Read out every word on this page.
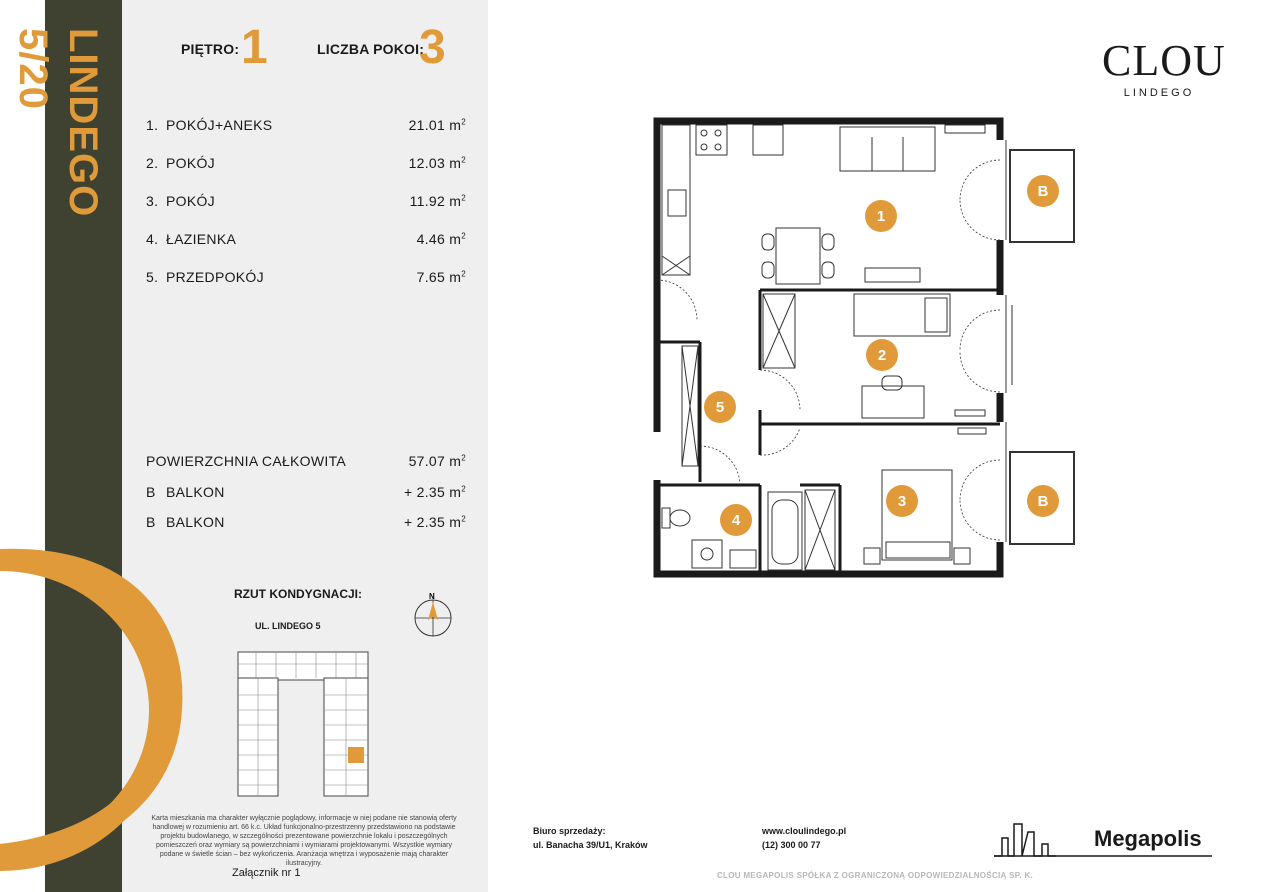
LINDEGO 5/20	PIĘTRO: 1	LICZBA POKOI:
3
1. POKÓJ+ANEKS	21.01 $m^2$
2. POKÓJ	12.03 $m^2$
3. POKÓJ	11.92 $m^2$
4. ŁAZIENKA	4.46 $m^2$
5. PRZEDPOKÓJ	7.65 $m^2$
POWIERZCHNIA CAŁKOWITA	57.07 $m^2$
B BALKON	+ 2.35 $m^2$
B BALKON	+ 2.35 $m^2$
RZUT KONDYGNACJI:
UL. LINDEGO 5
N
Karta mieszkania ma charakter wyłącznie poglądowy, informacje w niej podane nie stanowią oferty handlowej w rozumieniu art. 66 k.c. Układ funkcjonalno-przestrzenny przedstawiono na podstawie projektu budowlanego, w szczególności prezentowane powierzchnie lokalu i poszczególnych pomieszczeń oraz wymiary są powierzchniami i wymiarami projektowanymi. Wszystkie wymiary podane w świetle ścian – bez wykończenia. Aranżacja wnętrza i wyposażenie mają charakter ilustracyjny.
Załącznik nr 1
CLOU
LINDEGO
1
2
3
4
5
B
B
Biuro sprzedaży:
ul. Banacha 39/U1, Kraków
www.cloulindego.pl
(12) 300 00 77	Megapolis
CLOU MEGAPOLIS SPÓŁKA Z OGRANICZONĄ ODPOWIEDZIALNOŚCIĄ SP. K.
